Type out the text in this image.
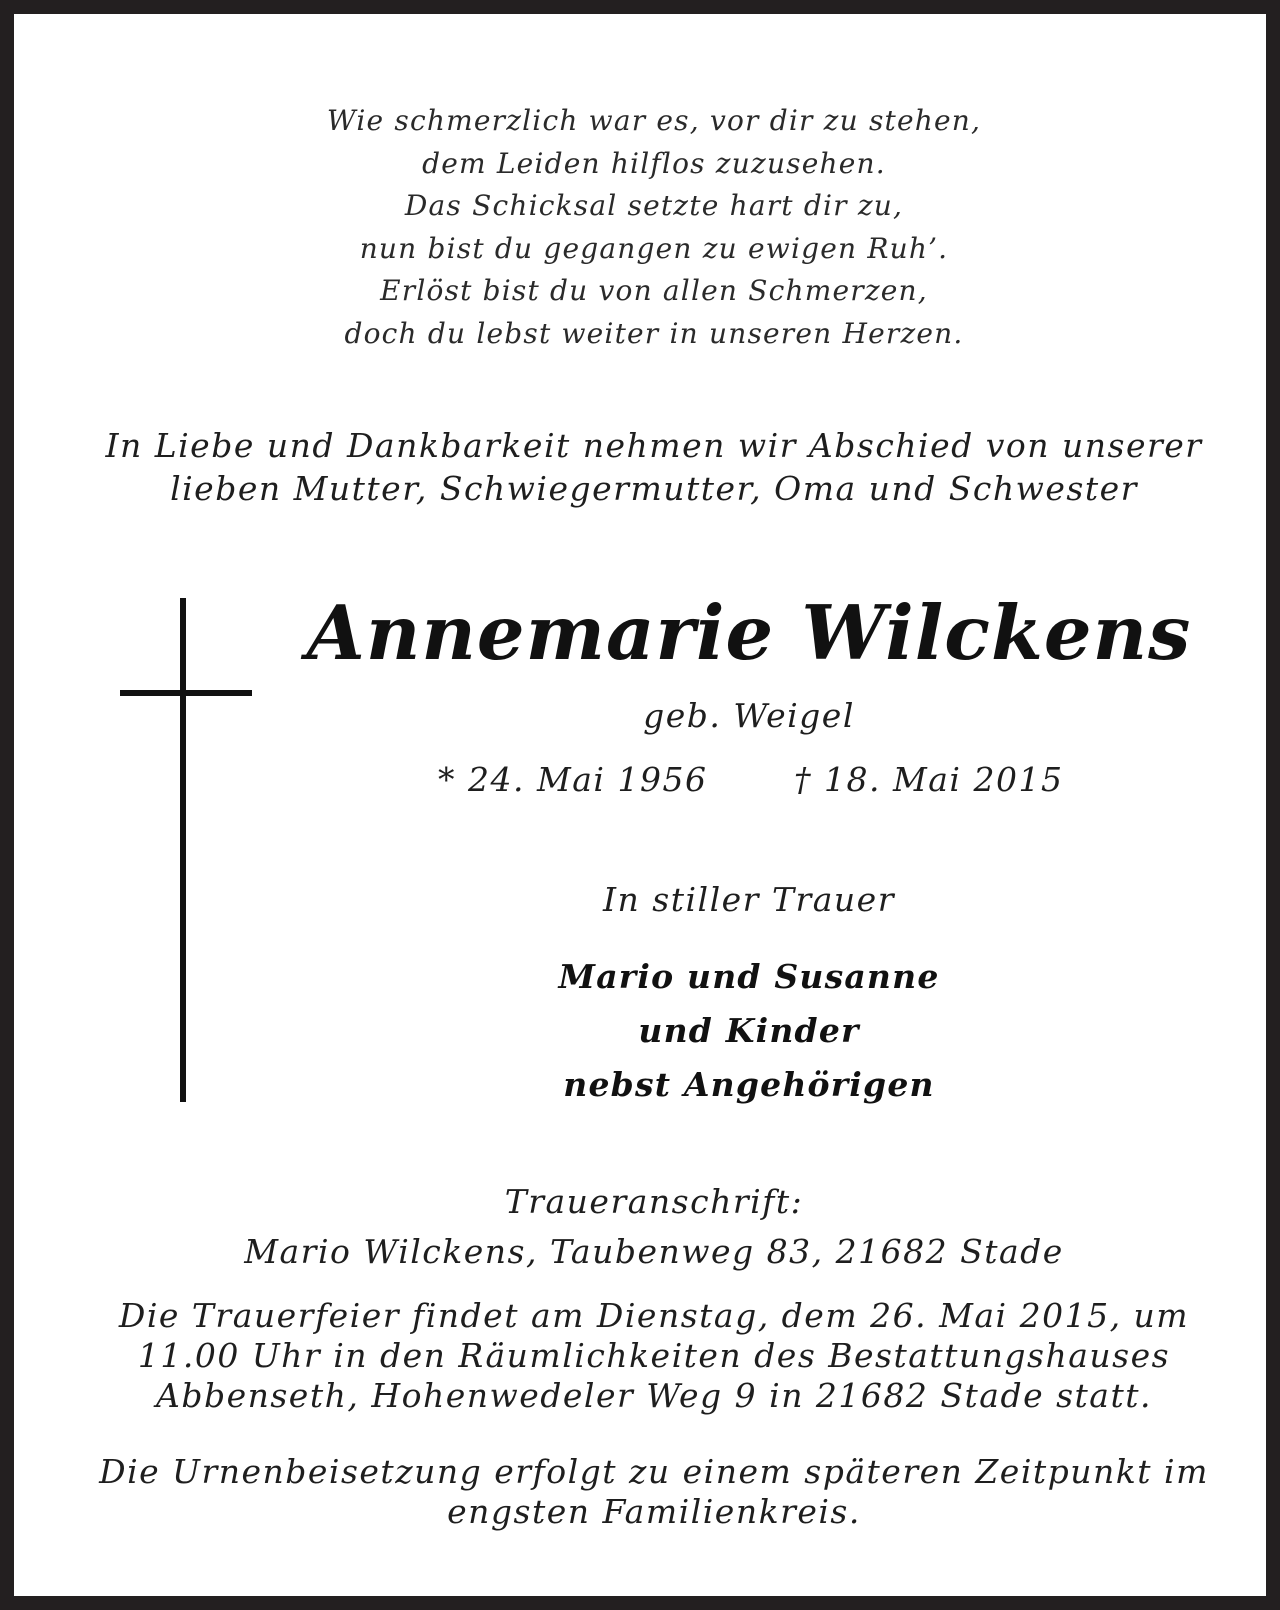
Wie schmerzlich war es, vor dir zu stehen,
dem Leiden hilflos zuzusehen.
Das Schicksal setzte hart dir zu,
nun bist du gegangen zu ewigen Ruh’.
Erlöst bist du von allen Schmerzen,
doch du lebst weiter in unseren Herzen.
In Liebe und Dankbarkeit nehmen wir Abschied von unserer
lieben Mutter, Schwiegermutter, Oma und Schwester
Annemarie Wilckens
geb. Weigel
* 24. Mai 1956	† 18. Mai 2015
In stiller Trauer
Mario und Susanne
und Kinder
nebst Angehörigen
Traueranschrift:
Mario Wilckens, Taubenweg 83, 21682 Stade
Die Trauerfeier findet am Dienstag, dem 26. Mai 2015, um
11.00 Uhr in den Räumlichkeiten des Bestattungshauses
Abbenseth, Hohenwedeler Weg 9 in 21682 Stade statt.
Die Urnenbeisetzung erfolgt zu einem späteren Zeitpunkt im
engsten Familienkreis.
